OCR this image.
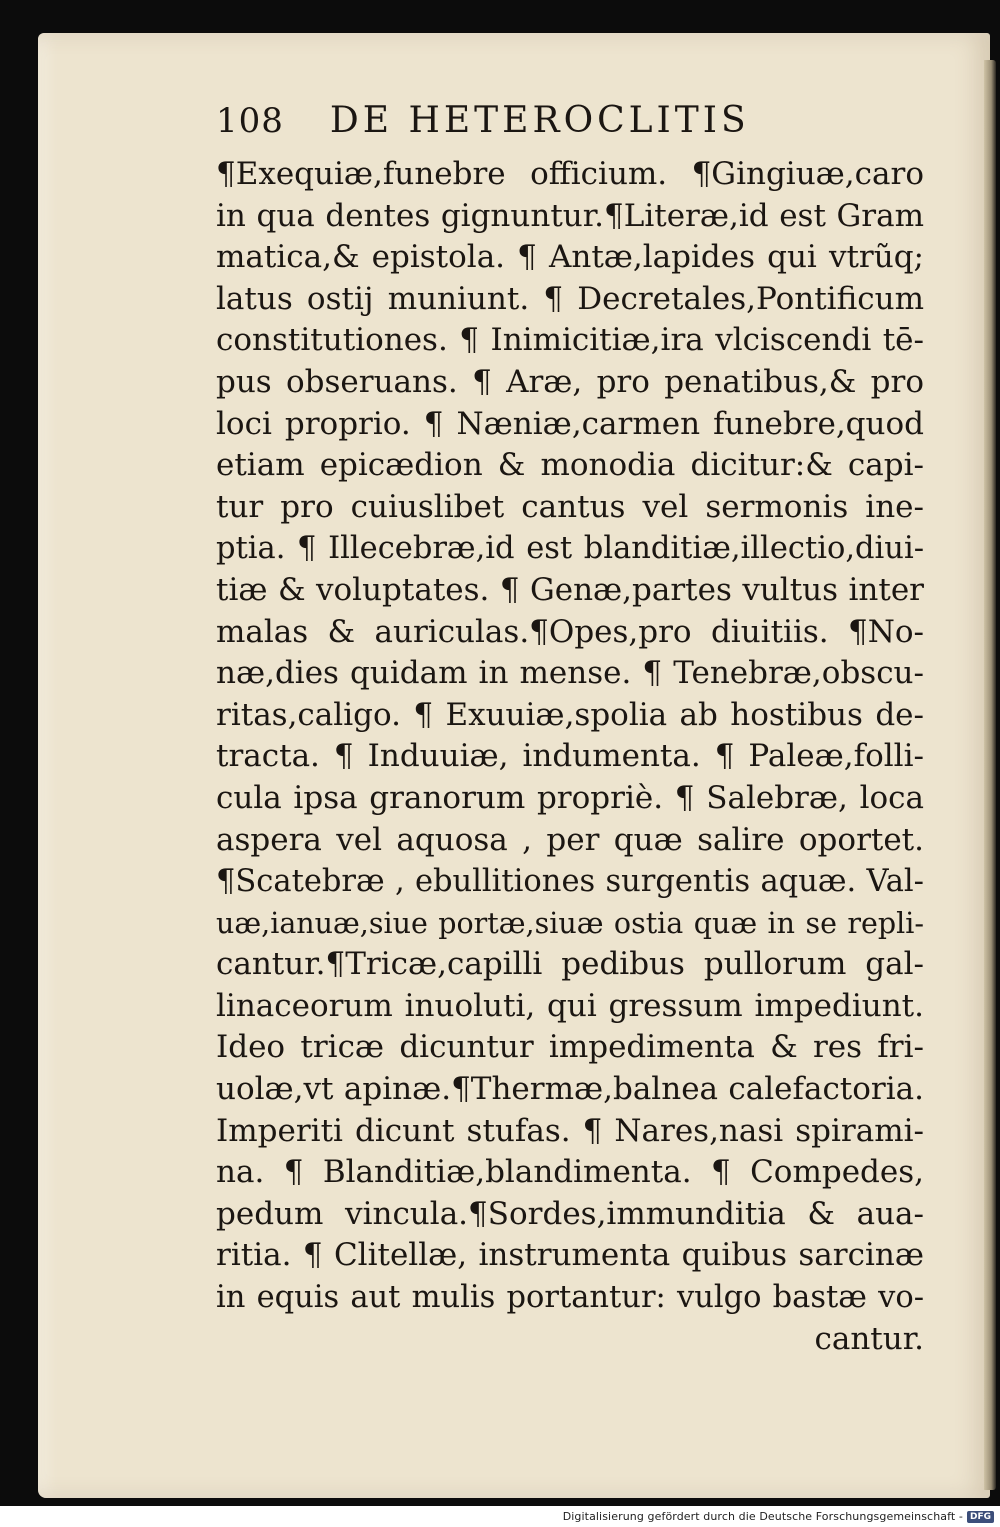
108 DE HETEROCLITIS
¶Exequiæ,funebre officium. ¶Gingiuæ,caro
in qua dentes gignuntur.¶Literæ,id est Gram
matica,& epistola. ¶ Antæ,lapides qui vtrũq;
latus ostij muniunt. ¶ Decretales,Pontificum
constitutiones. ¶ Inimicitiæ,ira vlciscendi tē-
pus obseruans. ¶ Aræ, pro penatibus,& pro
loci proprio. ¶ Næniæ,carmen funebre,quod
etiam epicædion & monodia dicitur:& capi-
tur pro cuiuslibet cantus vel sermonis ine-
ptia. ¶ Illecebræ,id est blanditiæ,illectio,diui-
tiæ & voluptates. ¶ Genæ,partes vultus inter
malas & auriculas.¶Opes,pro diuitiis. ¶No-
næ,dies quidam in mense. ¶ Tenebræ,obscu-
ritas,caligo. ¶ Exuuiæ,spolia ab hostibus de-
tracta. ¶ Induuiæ, indumenta. ¶ Paleæ,folli-
cula ipsa granorum propriè. ¶ Salebræ, loca
aspera vel aquosa , per quæ salire oportet.
¶Scatebræ , ebullitiones surgentis aquæ. Val-
uæ,ianuæ,siue portæ,siuæ ostia quæ in se repli-
cantur.¶Tricæ,capilli pedibus pullorum gal-
linaceorum inuoluti, qui gressum impediunt.
Ideo tricæ dicuntur impedimenta & res fri-
uolæ,vt apinæ.¶Thermæ,balnea calefactoria.
Imperiti dicunt stufas. ¶ Nares,nasi spirami-
na. ¶ Blanditiæ,blandimenta. ¶ Compedes,
pedum vincula.¶Sordes,immunditia & aua-
ritia. ¶ Clitellæ, instrumenta quibus sarcinæ
in equis aut mulis portantur: vulgo bastæ vo-
cantur.
Digitalisierung gefördert durch die Deutsche Forschungsgemeinschaft - DFG
